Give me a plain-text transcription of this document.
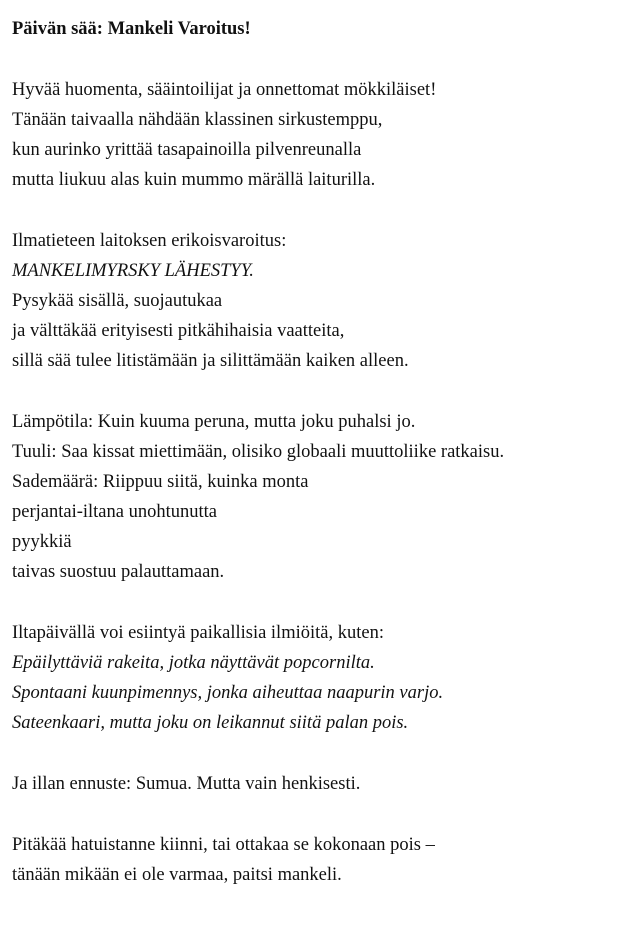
Päivän sää: Mankeli Varoitus!
Hyvää huomenta, sääintoilijat ja onnettomat mökkiläiset!
Tänään taivaalla nähdään klassinen sirkustemppu,
kun aurinko yrittää tasapainoilla pilvenreunalla
mutta liukuu alas kuin mummo märällä laiturilla.
Ilmatieteen laitoksen erikoisvaroitus:
MANKELIMYRSKY LÄHESTYY.
Pysykää sisällä, suojautukaa
ja välttäkää erityisesti pitkähihaisia vaatteita,
sillä sää tulee litistämään ja silittämään kaiken alleen.
Lämpötila: Kuin kuuma peruna, mutta joku puhalsi jo.
Tuuli: Saa kissat miettimään, olisiko globaali muuttoliike ratkaisu.
Sademäärä: Riippuu siitä, kuinka monta
perjantai-iltana unohtunutta
pyykkiä
taivas suostuu palauttamaan.
Iltapäivällä voi esiintyä paikallisia ilmiöitä, kuten:
Epäilyttäviä rakeita, jotka näyttävät popcornilta.
Spontaani kuunpimennys, jonka aiheuttaa naapurin varjo.
Sateenkaari, mutta joku on leikannut siitä palan pois.
Ja illan ennuste: Sumua. Mutta vain henkisesti.
Pitäkää hatuistanne kiinni, tai ottakaa se kokonaan pois –
tänään mikään ei ole varmaa, paitsi mankeli.
